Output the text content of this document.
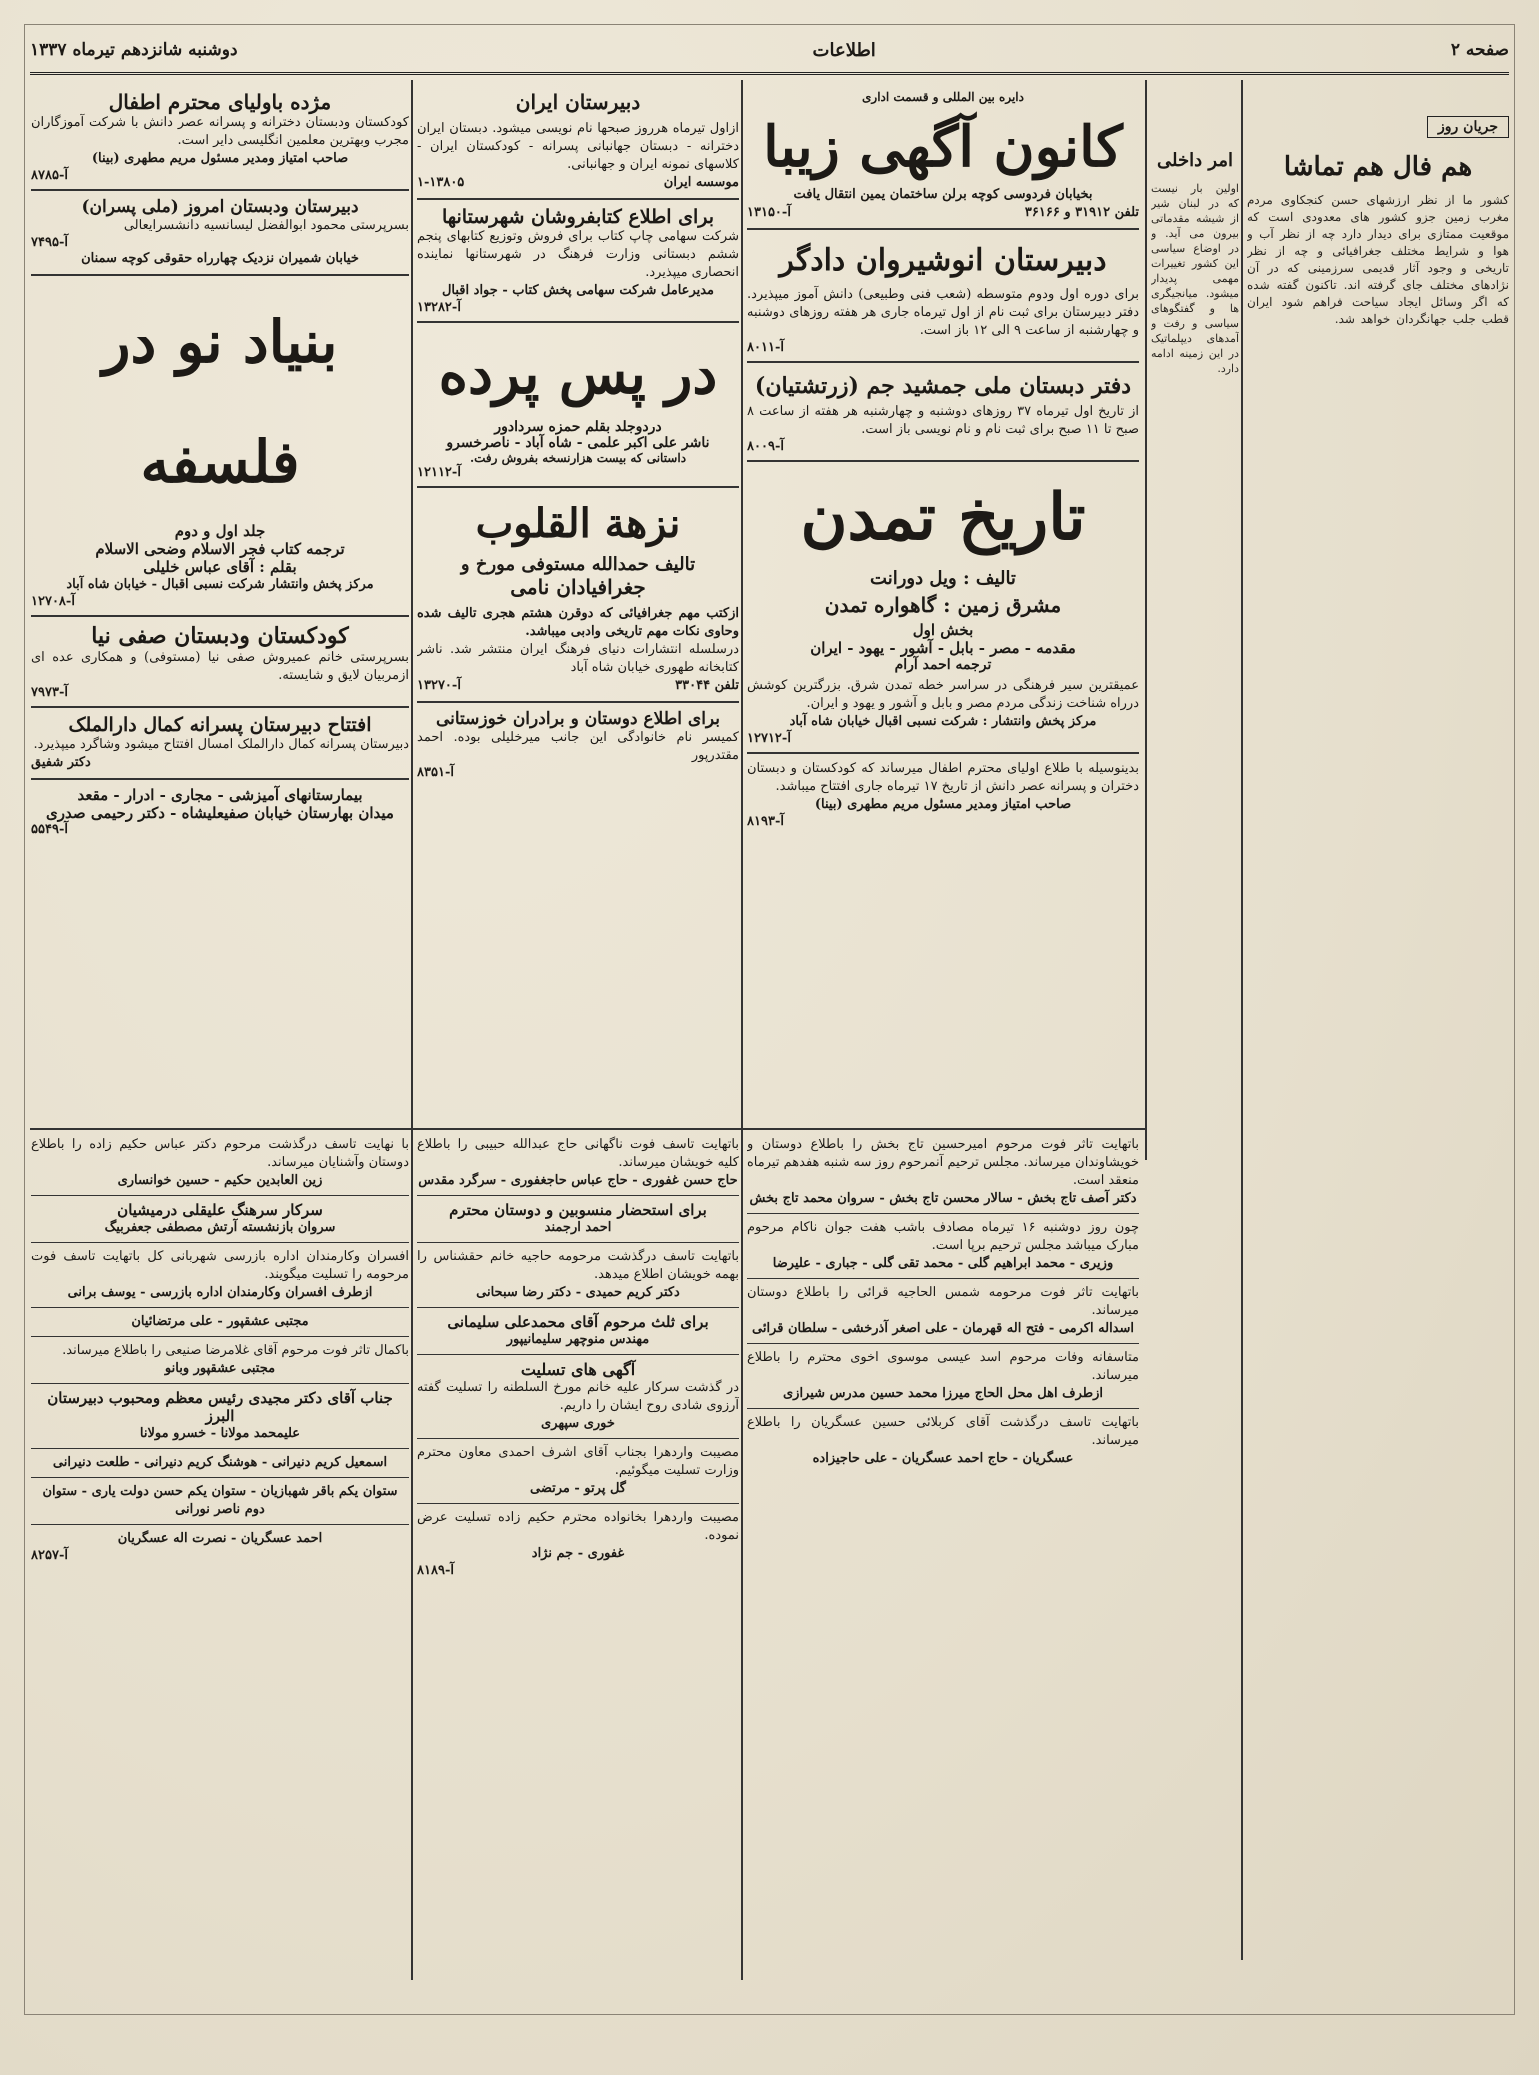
صفحه ۲
اطلاعات
دوشنبه شانزدهم تیرماه ۱۳۳۷
جریان روز
هم فال هم تماشا
کشور ما از نظر ارزشهای حسن کنجکاوی مردم مغرب زمین جزو کشور های معدودی است که موقعیت ممتازی برای دیدار دارد چه از نظر آب و هوا و شرایط مختلف جغرافیائی و چه از نظر تاریخی و وجود آثار قدیمی سرزمینی که در آن نژادهای مختلف جای گرفته اند. تاکنون گفته شده که اگر وسائل ایجاد سیاحت فراهم شود ایران قطب جلب جهانگردان خواهد شد.
امر داخلی
اولین بار نیست که در لبنان شیر از شیشه مقدماتی بیرون می آید. و در اوضاع سیاسی این کشور تغییرات مهمی پدیدار میشود. میانجیگری ها و گفتگوهای سیاسی و رفت و آمدهای دیپلماتیک در این زمینه ادامه دارد.
دایره بین المللی و قسمت اداری
کانون آگهی زیبا
بخیابان فردوسی کوچه برلن ساختمان یمین انتقال یافت
تلفن ۳۱۹۱۲ و ۳۶۱۶۶
آ-۱۳۱۵۰
دبیرستان انوشیروان دادگر
برای دوره اول ودوم متوسطه (شعب فنی وطبیعی) دانش آموز میپذیرد. دفتر دبیرستان برای ثبت نام از اول تیرماه جاری هر هفته روزهای دوشنبه و چهارشنبه از ساعت ۹ الی ۱۲ باز است.
آ-۸۰۱۱
دفتر دبستان ملی جمشید جم (زرتشتیان)
از تاریخ اول تیرماه ۳۷ روزهای دوشنبه و چهارشنبه هر هفته از ساعت ۸ صبح تا ۱۱ صبح برای ثبت نام و نام نویسی باز است.
آ-۸۰۰۹
تاریخ تمدن
تالیف : ویل دورانت
مشرق زمین : گاهواره تمدن
بخش اول
مقدمه - مصر - بابل - آشور - یهود - ایران
ترجمه احمد آرام
عمیقترین سیر فرهنگی در سراسر خطه تمدن شرق. بزرگترین کوشش درراه شناخت زندگی مردم مصر و بابل و آشور و یهود و ایران.
مرکز پخش وانتشار : شرکت نسبی اقبال خیابان شاه آباد
آ-۱۲۷۱۲
بدینوسیله با طلاع اولیای محترم اطفال میرساند که کودکستان و دبستان دختران و پسرانه عصر دانش از تاریخ ۱۷ تیرماه جاری افتتاح میباشد.
صاحب امتیاز ومدیر مسئول مریم مطهری (بینا)
آ-۸۱۹۳
دبیرستان ایران
ازاول تیرماه هرروز صبحها نام نویسی میشود. دبستان ایران دخترانه - دبستان جهانبانی پسرانه - کودکستان ایران - کلاسهای نمونه ایران و جهانبانی.
موسسه ایران
۱-۱۳۸۰۵
برای اطلاع کتابفروشان شهرستانها
شرکت سهامی چاپ کتاب برای فروش وتوزیع کتابهای پنجم ششم دبستانی وزارت فرهنگ در شهرستانها نماینده انحصاری میپذیرد.
مدیرعامل شرکت سهامی پخش کتاب - جواد اقبال
آ-۱۳۲۸۲
در پس پرده
دردوجلد بقلم حمزه سردادور
ناشر علی اکبر علمی - شاه آباد - ناصرخسرو
داستانی که بیست هزارنسخه بفروش رفت.
آ-۱۲۱۱۲
نزهة القلوب
تالیف حمدالله مستوفی مورخ و
جغرافیادان نامی
ازکتب مهم جغرافیائی که دوقرن هشتم هجری تالیف شده وحاوی نکات مهم تاریخی وادبی میباشد.
درسلسله انتشارات دنیای فرهنگ ایران منتشر شد. ناشر کتابخانه طهوری خیابان شاه آباد
تلفن ۳۳۰۴۴
آ-۱۳۲۷۰
برای اطلاع دوستان و برادران خوزستانی
کمیسر نام خانوادگی این جانب میرخلیلی بوده. احمد مقتدرپور
آ-۸۳۵۱
مژده باولیای محترم اطفال
کودکستان ودبستان دخترانه و پسرانه عصر دانش با شرکت آموزگاران مجرب وبهترین معلمین انگلیسی دایر است.
صاحب امتیاز ومدیر مسئول مریم مطهری (بینا)
آ-۸۷۸۵
دبیرستان ودبستان امروز (ملی پسران)
بسرپرستی محمود ابوالفضل لیسانسیه دانشسرایعالی
آ-۷۴۹۵
خیابان شمیران نزدیک چهارراه حقوقی کوچه سمنان
بنیاد نو در فلسفه
جلد اول و دوم
ترجمه کتاب فجر الاسلام وضحی الاسلام
بقلم : آقای عباس خلیلی
مرکز پخش وانتشار شرکت نسبی اقبال - خیابان شاه آباد
آ-۱۲۷۰۸
کودکستان ودبستان صفی نیا
بسرپرستی خانم عمیروش صفی نیا (مستوفی) و همکاری عده ای ازمربیان لایق و شایسته.
آ-۷۹۷۳
افتتاح دبیرستان پسرانه کمال دارالملک
دبیرستان پسرانه کمال دارالملک امسال افتتاح میشود وشاگرد میپذیرد.
دکتر شفیق
بیمارستانهای آمیزشی - مجاری - ادرار - مقعد
میدان بهارستان خیابان صفیعلیشاه - دکتر رحیمی صدری
آ-۵۵۴۹
با نهایت تاسف درگذشت مرحوم دکتر عباس حکیم زاده را باطلاع دوستان وآشنایان میرساند.
زین العابدین حکیم - حسین خوانساری
سرکار سرهنگ علیقلی درمیشیان
سروان بازنشسته آرتش مصطفی جعفربیگ
افسران وکارمندان اداره بازرسی شهربانی کل باتهایت تاسف فوت مرحومه را تسلیت میگویند.
ازطرف افسران وکارمندان اداره بازرسی - یوسف برانی
مجتبی عشقپور - علی مرتضائیان
باکمال تاثر فوت مرحوم آقای غلامرضا صنیعی را باطلاع میرساند.
مجتبی عشقپور وبانو
جناب آقای دکتر مجیدی رئیس معظم ومحبوب دبیرستان البرز
علیمحمد مولانا - خسرو مولانا
اسمعیل کریم دنیرانی - هوشنگ کریم دنیرانی - طلعت دنیرانی
ستوان یکم باقر شهبازیان - ستوان یکم حسن دولت یاری - ستوان دوم ناصر نورانی
احمد عسگریان - نصرت اله عسگریان
آ-۸۲۵۷
باتهایت تاسف فوت ناگهانی حاج عبدالله حبیبی را باطلاع کلیه خویشان میرساند.
حاج حسن غفوری - حاج عباس حاجغفوری - سرگرد مقدس
برای استحضار منسوبین و دوستان محترم
احمد ارجمند
باتهایت تاسف درگذشت مرحومه حاجیه خانم حقشناس را بهمه خویشان اطلاع میدهد.
دکتر کریم حمیدی - دکتر رضا سبحانی
برای ثلث مرحوم آقای محمدعلی سلیمانی
مهندس منوچهر سلیمانیپور
آگهی های تسلیت
در گذشت سرکار علیه خانم مورخ السلطنه را تسلیت گفته آرزوی شادی روح ایشان را داریم.
خوری سپهری
مصیبت واردهرا بجناب آقای اشرف احمدی معاون محترم وزارت تسلیت میگوئیم.
گل پرتو - مرتضی
مصیبت واردهرا بخانواده محترم حکیم زاده تسلیت عرض نموده.
غفوری - جم نژاد
آ-۸۱۸۹
باتهایت تاثر فوت مرحوم امیرحسین تاج بخش را باطلاع دوستان و خویشاوندان میرساند. مجلس ترحیم آنمرحوم روز سه شنبه هفدهم تیرماه منعقد است.
دکتر آصف تاج بخش - سالار محسن تاج بخش - سروان محمد تاج بخش
چون روز دوشنبه ۱۶ تیرماه مصادف باشب هفت جوان ناکام مرحوم مبارک میباشد مجلس ترحیم برپا است.
وزیری - محمد ابراهیم گلی - محمد تقی گلی - جباری - علیرضا
باتهایت تاثر فوت مرحومه شمس الحاجیه قرائی را باطلاع دوستان میرساند.
اسداله اکرمی - فتح اله قهرمان - علی اصغر آذرخشی - سلطان قرائی
متاسفانه وفات مرحوم اسد عیسی موسوی اخوی محترم را باطلاع میرساند.
ازطرف اهل محل الحاج میرزا محمد حسین مدرس شیرازی
باتهایت تاسف درگذشت آقای کربلائی حسین عسگریان را باطلاع میرساند.
عسگریان - حاج احمد عسگریان - علی حاجیزاده
